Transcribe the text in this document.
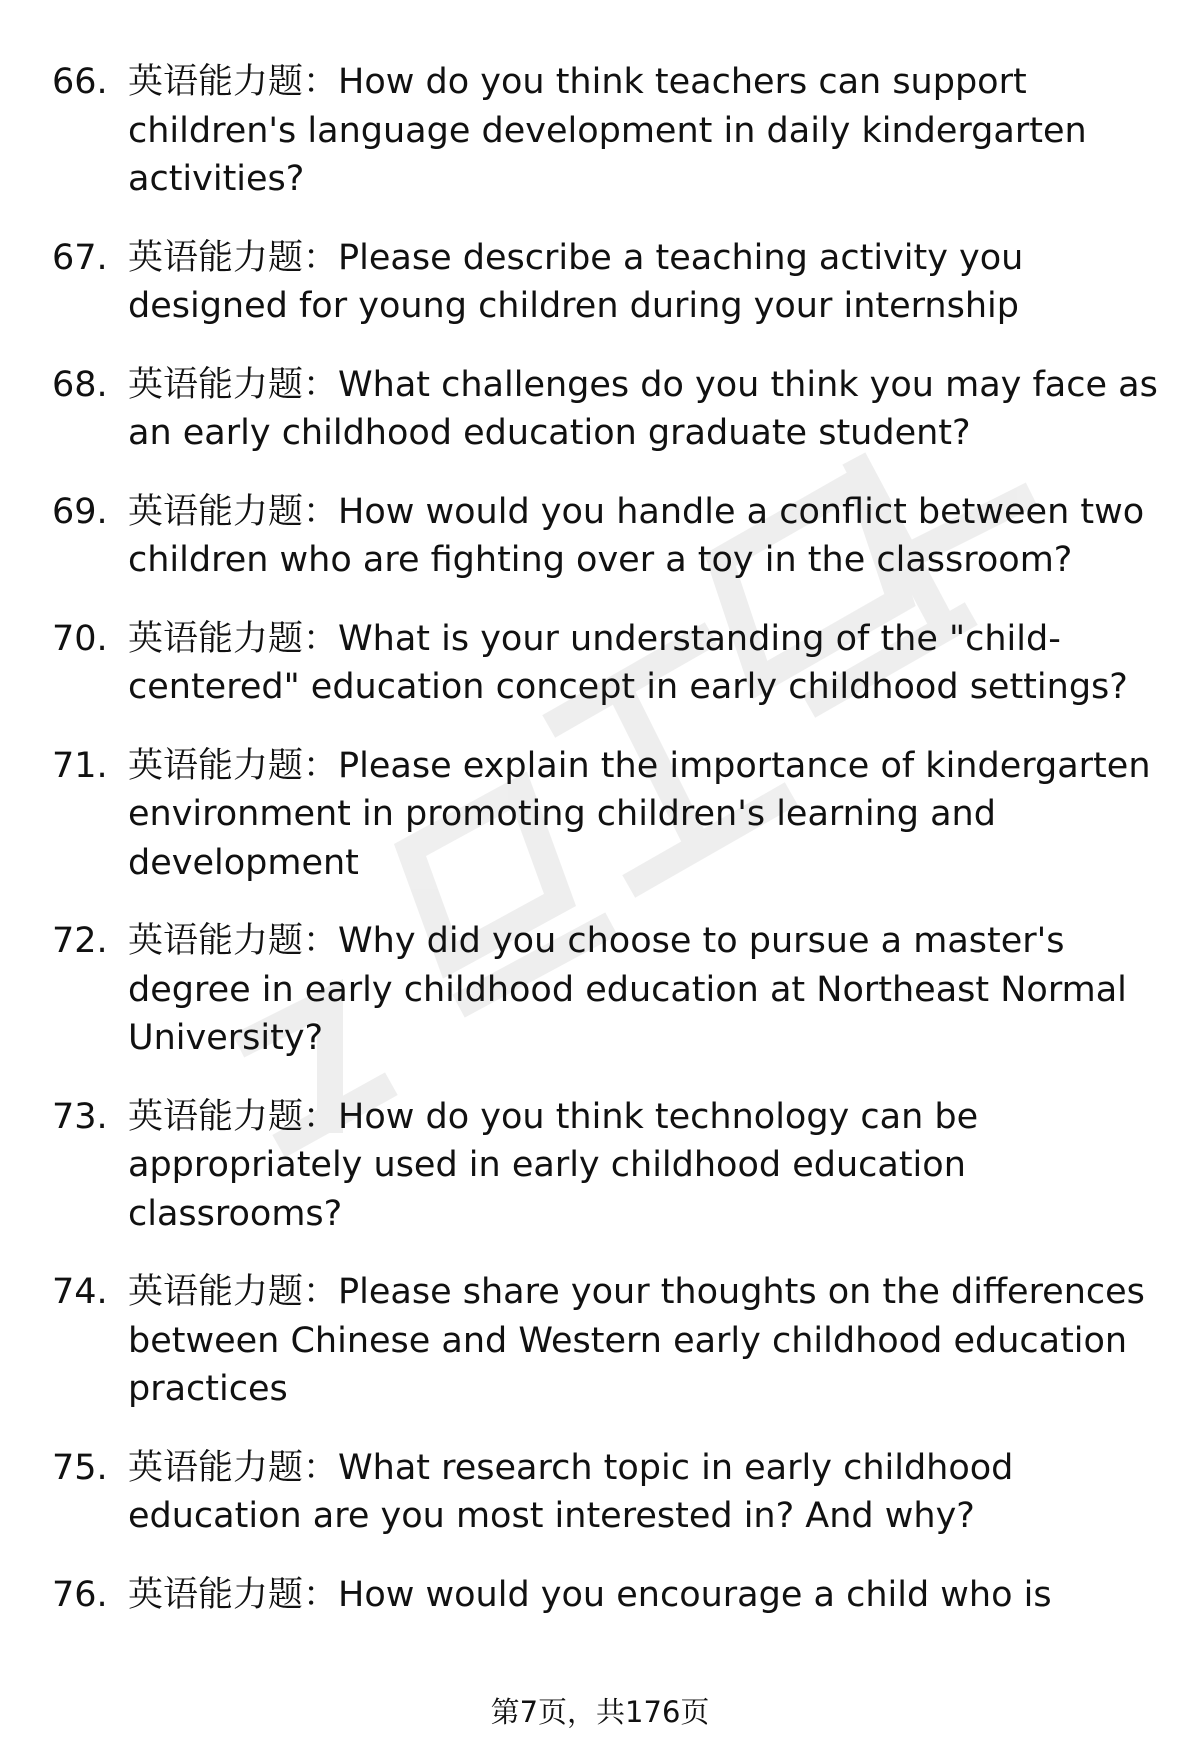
66. 英语能力题：How do you think teachers can support children's language development in daily kindergarten activities?
67. 英语能力题：Please describe a teaching activity you designed for young children during your internship
68. 英语能力题：What challenges do you think you may face as an early childhood education graduate student?
69. 英语能力题：How would you handle a conflict between two children who are fighting over a toy in the classroom?
70. 英语能力题：What is your understanding of the "child-centered" education concept in early childhood settings?
71. 英语能力题：Please explain the importance of kindergarten environment in promoting children's learning and development
72. 英语能力题：Why did you choose to pursue a master's degree in early childhood education at Northeast Normal University?
73. 英语能力题：How do you think technology can be appropriately used in early childhood education classrooms?
74. 英语能力题：Please share your thoughts on the differences between Chinese and Western early childhood education practices
75. 英语能力题：What research topic in early childhood education are you most interested in? And why?
76. 英语能力题：How would you encourage a child who is
第7页，共176页
